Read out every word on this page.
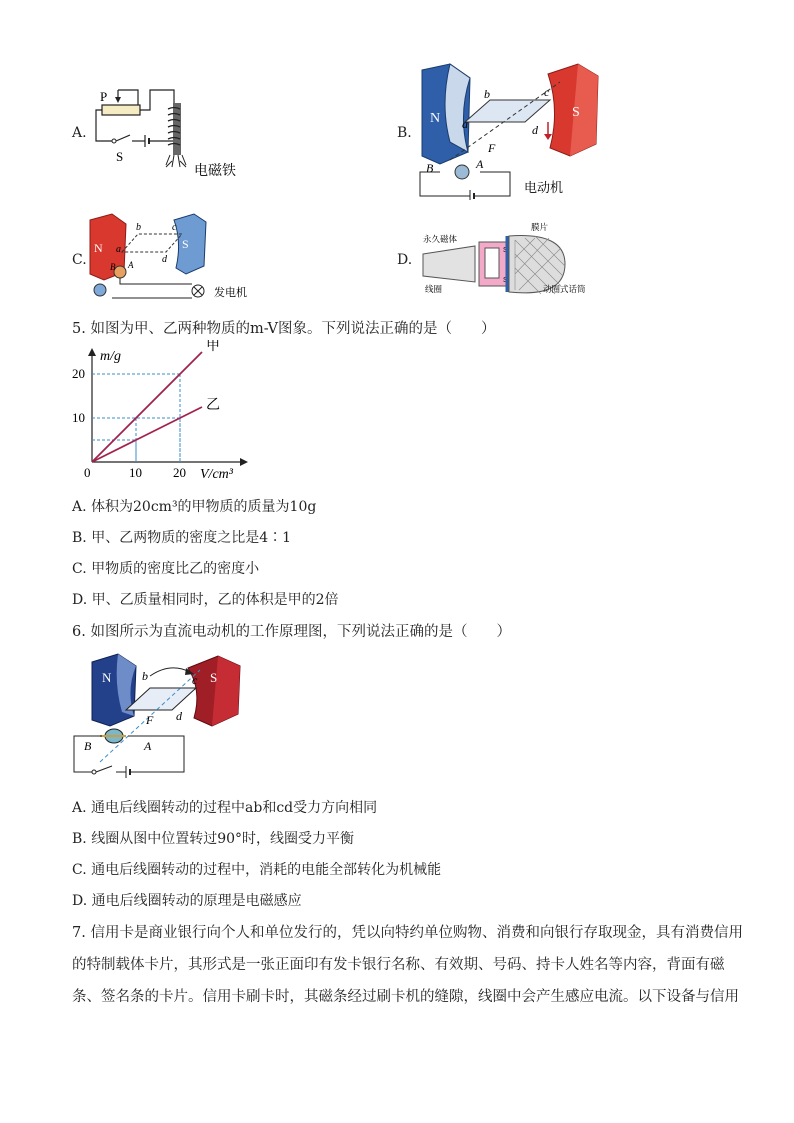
A.
P
S
电磁铁
B.
N	S
b	c
a	d
F
B	A
电动机
C.
N	S
b	c
a
d
B A
发电机
D.
永久磁体
膜片
S
S
线圈	动圈式话筒
5. 如图为甲、乙两种物质的m-V图象。下列说法正确的是（　　）
m/g
V/cm³
甲
乙
0	10 20
10
20
A. 体积为20cm³的甲物质的质量为10g
B. 甲、乙两物质的密度之比是4∶1
C. 甲物质的密度比乙的密度小
D. 甲、乙质量相同时，乙的体积是甲的2倍
6. 如图所示为直流电动机的工作原理图，下列说法正确的是（　　）
N	S
b	c
d
F
B	A
A. 通电后线圈转动的过程中ab和cd受力方向相同
B. 线圈从图中位置转过90°时，线圈受力平衡
C. 通电后线圈转动的过程中，消耗的电能全部转化为机械能
D. 通电后线圈转动的原理是电磁感应
7. 信用卡是商业银行向个人和单位发行的，凭以向特约单位购物、消费和向银行存取现金，具有消费信用
的特制载体卡片，其形式是一张正面印有发卡银行名称、有效期、号码、持卡人姓名等内容，背面有磁
条、签名条的卡片。信用卡刷卡时，其磁条经过刷卡机的缝隙，线圈中会产生感应电流。以下设备与信用
